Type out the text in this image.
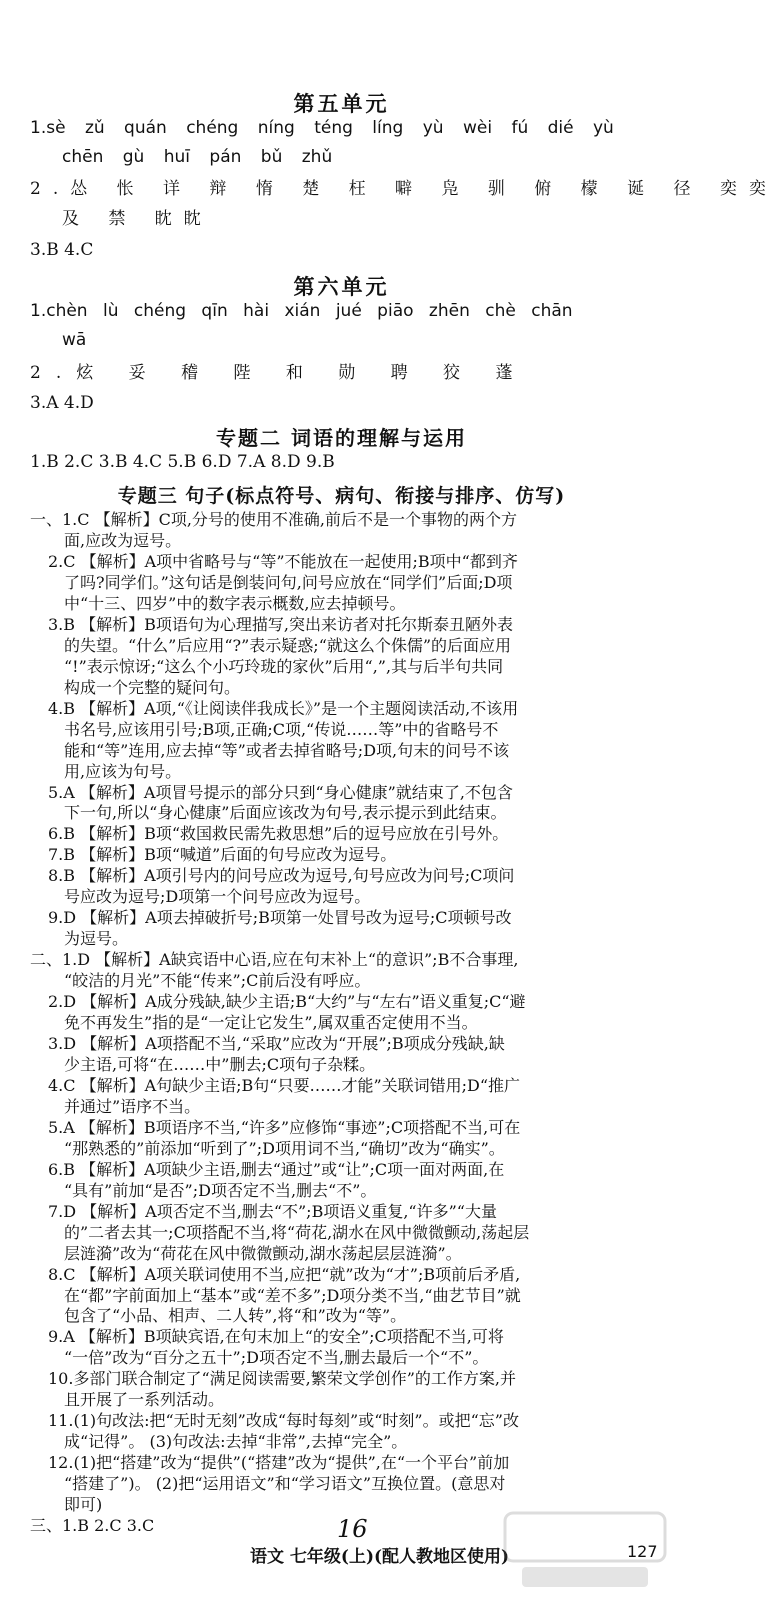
第五单元
1.sè zǔ quán chéng níng téng líng yù wèi fú dié yù
chēn gù huī pán bǔ zhǔ
2.怂 怅 详 辩 惰 楚 枉 噼 凫 驯 俯 檬 诞 径 奕奕
及 禁 眈眈
3.B 4.C
第六单元
1.chèn lù chéng qīn hài xián jué piāo zhēn chè chān
wā
2.炫 妥 稽 陛 和 勋 聘 狡 蓬
3.A 4.D
专题二 词语的理解与运用
1.B 2.C 3.B 4.C 5.B 6.D 7.A 8.D 9.B
专题三 句子(标点符号、病句、衔接与排序、仿写)
一、1.C 【解析】C项,分号的使用不准确,前后不是一个事物的两个方
面,应改为逗号。
2.C 【解析】A项中省略号与“等”不能放在一起使用;B项中“都到齐
了吗?同学们。”这句话是倒装问句,问号应放在“同学们”后面;D项
中“十三、四岁”中的数字表示概数,应去掉顿号。
3.B 【解析】B项语句为心理描写,突出来访者对托尔斯泰丑陋外表
的失望。“什么”后应用“?”表示疑惑;“就这么个侏儒”的后面应用
“!”表示惊讶;“这么个小巧玲珑的家伙”后用“,”,其与后半句共同
构成一个完整的疑问句。
4.B 【解析】A项,“《让阅读伴我成长》”是一个主题阅读活动,不该用
书名号,应该用引号;B项,正确;C项,“传说……等”中的省略号不
能和“等”连用,应去掉“等”或者去掉省略号;D项,句末的问号不该
用,应该为句号。
5.A 【解析】A项冒号提示的部分只到“身心健康”就结束了,不包含
下一句,所以“身心健康”后面应该改为句号,表示提示到此结束。
6.B 【解析】B项“救国救民需先救思想”后的逗号应放在引号外。
7.B 【解析】B项“喊道”后面的句号应改为逗号。
8.B 【解析】A项引号内的问号应改为逗号,句号应改为问号;C项问
号应改为逗号;D项第一个问号应改为逗号。
9.D 【解析】A项去掉破折号;B项第一处冒号改为逗号;C项顿号改
为逗号。
二、1.D 【解析】A缺宾语中心语,应在句末补上“的意识”;B不合事理,
“皎洁的月光”不能“传来”;C前后没有呼应。
2.D 【解析】A成分残缺,缺少主语;B“大约”与“左右”语义重复;C“避
免不再发生”指的是“一定让它发生”,属双重否定使用不当。
3.D 【解析】A项搭配不当,“采取”应改为“开展”;B项成分残缺,缺
少主语,可将“在……中”删去;C项句子杂糅。
4.C 【解析】A句缺少主语;B句“只要……才能”关联词错用;D“推广
并通过”语序不当。
5.A 【解析】B项语序不当,“许多”应修饰“事迹”;C项搭配不当,可在
“那熟悉的”前添加“听到了”;D项用词不当,“确切”改为“确实”。
6.B 【解析】A项缺少主语,删去“通过”或“让”;C项一面对两面,在
“具有”前加“是否”;D项否定不当,删去“不”。
7.D 【解析】A项否定不当,删去“不”;B项语义重复,“许多”“大量
的”二者去其一;C项搭配不当,将“荷花,湖水在风中微微颤动,荡起层
层涟漪”改为“荷花在风中微微颤动,湖水荡起层层涟漪”。
8.C 【解析】A项关联词使用不当,应把“就”改为“才”;B项前后矛盾,
在“都”字前面加上“基本”或“差不多”;D项分类不当,“曲艺节目”就
包含了“小品、相声、二人转”,将“和”改为“等”。
9.A 【解析】B项缺宾语,在句末加上“的安全”;C项搭配不当,可将
“一倍”改为“百分之五十”;D项否定不当,删去最后一个“不”。
10.多部门联合制定了“满足阅读需要,繁荣文学创作”的工作方案,并
且开展了一系列活动。
11.(1)句改法:把“无时无刻”改成“每时每刻”或“时刻”。或把“忘”改
成“记得”。 (3)句改法:去掉“非常”,去掉“完全”。
12.(1)把“搭建”改为“提供”(“搭建”改为“提供”,在“一个平台”前加
“搭建了”)。 (2)把“运用语文”和“学习语文”互换位置。(意思对
即可)
三、1.B 2.C 3.C	16
语文 七年级(上)(配人教地区使用)	127
